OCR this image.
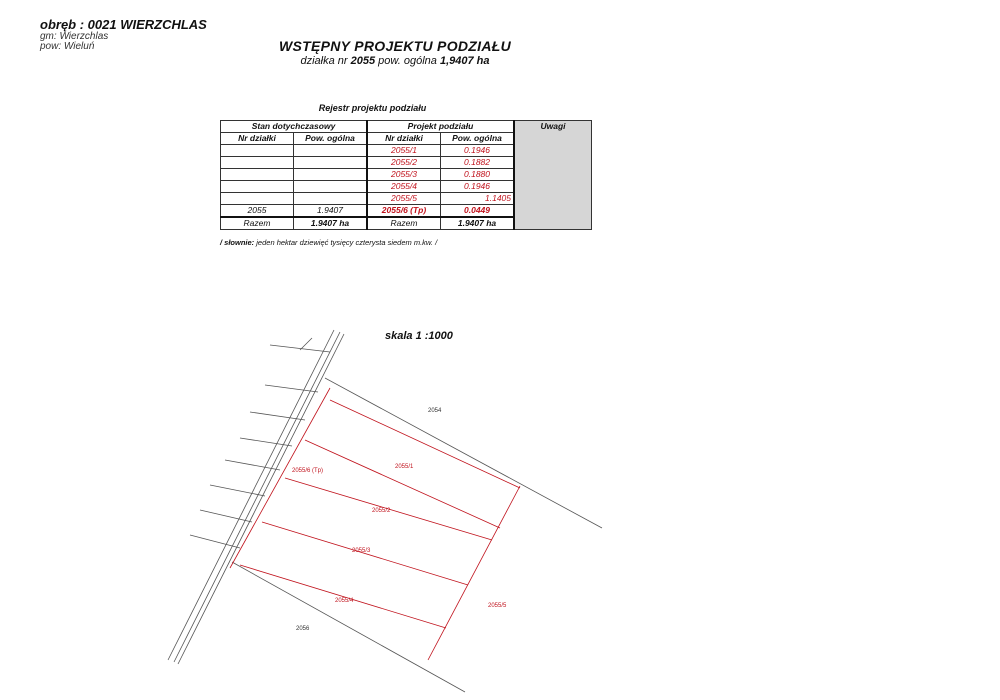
obręb : 0021 WIERZCHLAS
gm: Wierzchlas
pow: Wieluń	WSTĘPNY PROJEKTU PODZIAŁU
działka nr 2055 pow. ogólna 1,9407 ha
Rejestr projektu podziału
Stan dotychczasowy		Projekt podziału		Uwagi
Nr działki	Pow. ogólna	Nr działki	Pow. ogólna	
		2055/1	0.1946	
		2055/2	0.1882	
		2055/3	0.1880	
		2055/4	0.1946	
		2055/5	1.1405	
2055	1.9407	2055/6 (Tp)	0.0449	
Razem	1.9407 ha	Razem	1.9407 ha	
/ słownie: jeden hektar dziewięć tysięcy czterysta siedem m.kw. /
skala 1 :1000
2054
2055/1
2055/6 (Tp)
2055/2
2055/3
2055/4
2055/5
2056
